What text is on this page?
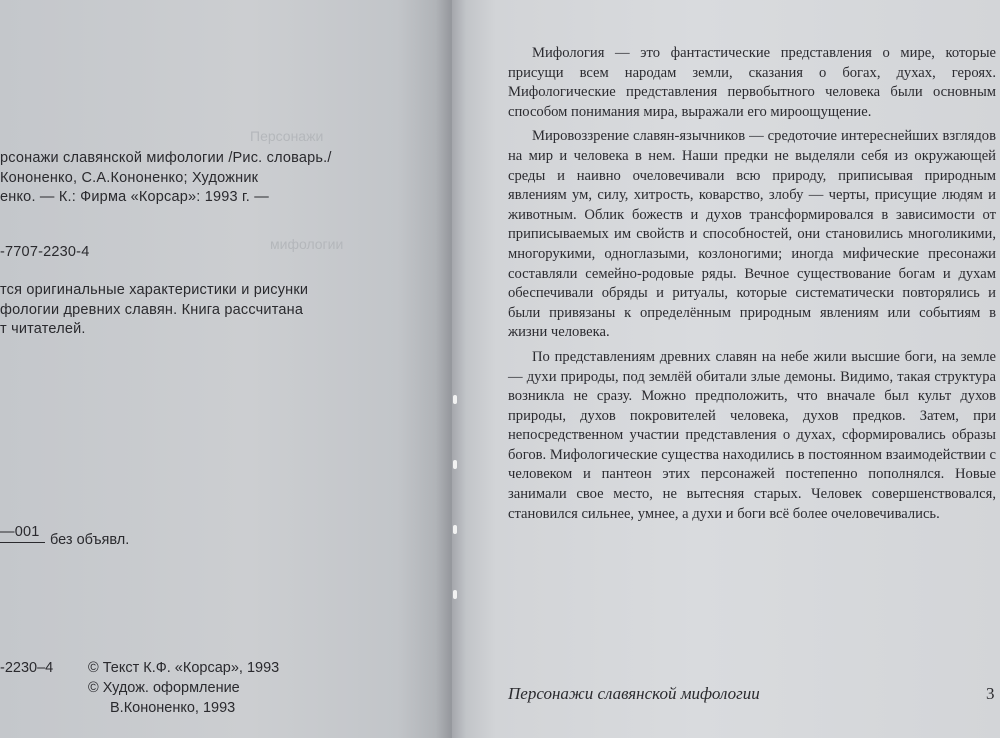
Персонажи
мифологии
рсонажи славянской мифологии /Рис. словарь./
Кононенко, С.А.Кононенко; Художник
енко. — К.: Фирма «Корсар»: 1993 г. —
-7707-2230-4
тся оригинальные характеристики и рисунки
фологии древних славян. Книга рассчитана
т читателей.
—001 без объявл.
-2230–4 © Текст К.Ф. «Корсар», 1993
© Худож. оформление
В.Кононенко, 1993

Мифология — это фантастические представления о мире, которые присущи всем народам земли, сказания о богах, духах, героях. Мифологические представления первобытного человека были основным способом понимания мира, выражали его мироощущение.

Мировоззрение славян-язычников — средоточие интереснейших взглядов на мир и человека в нем. Наши предки не выделяли себя из окружающей среды и наивно очеловечивали всю природу, приписывая природным явлениям ум, силу, хитрость, коварство, злобу — черты, присущие людям и животным. Облик божеств и духов трансформировался в зависимости от приписываемых им свойств и способностей, они становились многоликими, многорукими, одноглазыми, козлоногими; иногда мифические пресонажи составляли семейно-родовые ряды. Вечное существование богам и духам обеспечивали обряды и ритуалы, которые систематически повторялись и были привязаны к определённым природным явлениям или событиям в жизни человека.

По представлениям древних славян на небе жили высшие боги, на земле — духи природы, под землёй обитали злые демоны. Видимо, такая структура возникла не сразу. Можно предположить, что вначале был культ духов природы, духов покровителей человека, духов предков. Затем, при непосредственном участии представления о духах, сформировались образы богов. Мифологические существа находились в постоянном взаимодействии с человеком и пантеон этих персонажей постепенно пополнялся. Новые занимали свое место, не вытесняя старых. Человек совершенствовался, становился сильнее, умнее, а духи и боги всё более очеловечивались.

Персонажи славянской мифологии	3
